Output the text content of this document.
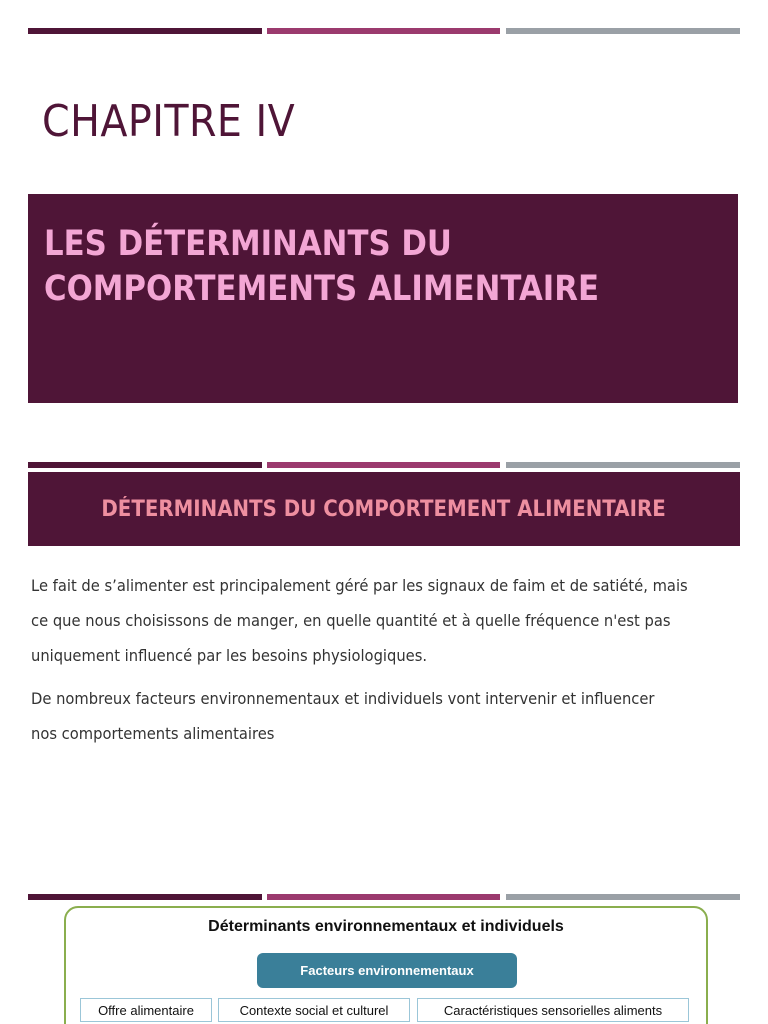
CHAPITRE IV
LES DÉTERMINANTS DU
COMPORTEMENTS ALIMENTAIRE
DÉTERMINANTS DU COMPORTEMENT ALIMENTAIRE
Le fait de s’alimenter est principalement géré par les signaux de faim et de satiété, mais
ce que nous choisissons de manger, en quelle quantité et à quelle fréquence n'est pas
uniquement influencé par les besoins physiologiques.
De nombreux facteurs environnementaux et individuels vont intervenir et influencer
nos comportements alimentaires
Déterminants environnementaux et individuels
Facteurs environnementaux
Offre alimentaire	Contexte social et culturel	Caractéristiques sensorielles aliments
